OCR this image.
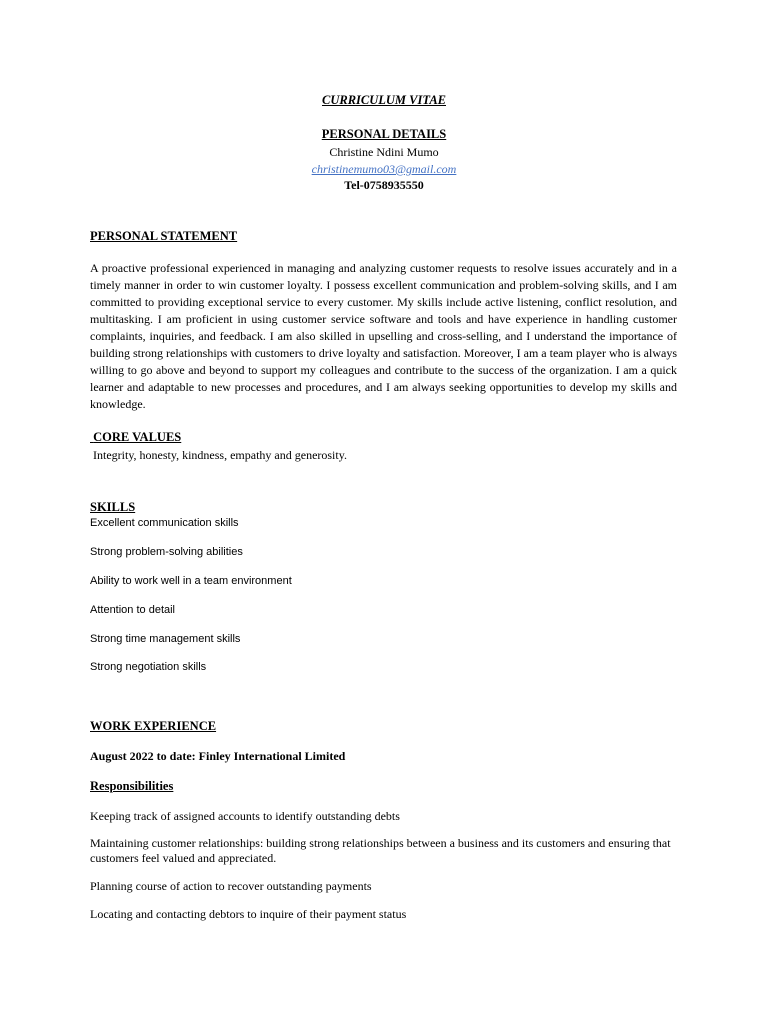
CURRICULUM VITAE
PERSONAL DETAILS
Christine Ndini Mumo
christinemumo03@gmail.com
Tel-0758935550
PERSONAL STATEMENT
A proactive professional experienced in managing and analyzing customer requests to resolve issues accurately and in a timely manner in order to win customer loyalty. I possess excellent communication and problem-solving skills, and I am committed to providing exceptional service to every customer. My skills include active listening, conflict resolution, and multitasking. I am proficient in using customer service software and tools and have experience in handling customer complaints, inquiries, and feedback. I am also skilled in upselling and cross-selling, and I understand the importance of building strong relationships with customers to drive loyalty and satisfaction. Moreover, I am a team player who is always willing to go above and beyond to support my colleagues and contribute to the success of the organization. I am a quick learner and adaptable to new processes and procedures, and I am always seeking opportunities to develop my skills and knowledge.
CORE VALUES
Integrity, honesty, kindness, empathy and generosity.
SKILLS
Excellent communication skills
Strong problem-solving abilities
Ability to work well in a team environment
Attention to detail
Strong time management skills
Strong negotiation skills
WORK EXPERIENCE
August 2022 to date: Finley International Limited
Responsibilities
Keeping track of assigned accounts to identify outstanding debts
Maintaining customer relationships: building strong relationships between a business and its customers and ensuring that customers feel valued and appreciated.
Planning course of action to recover outstanding payments
Locating and contacting debtors to inquire of their payment status
